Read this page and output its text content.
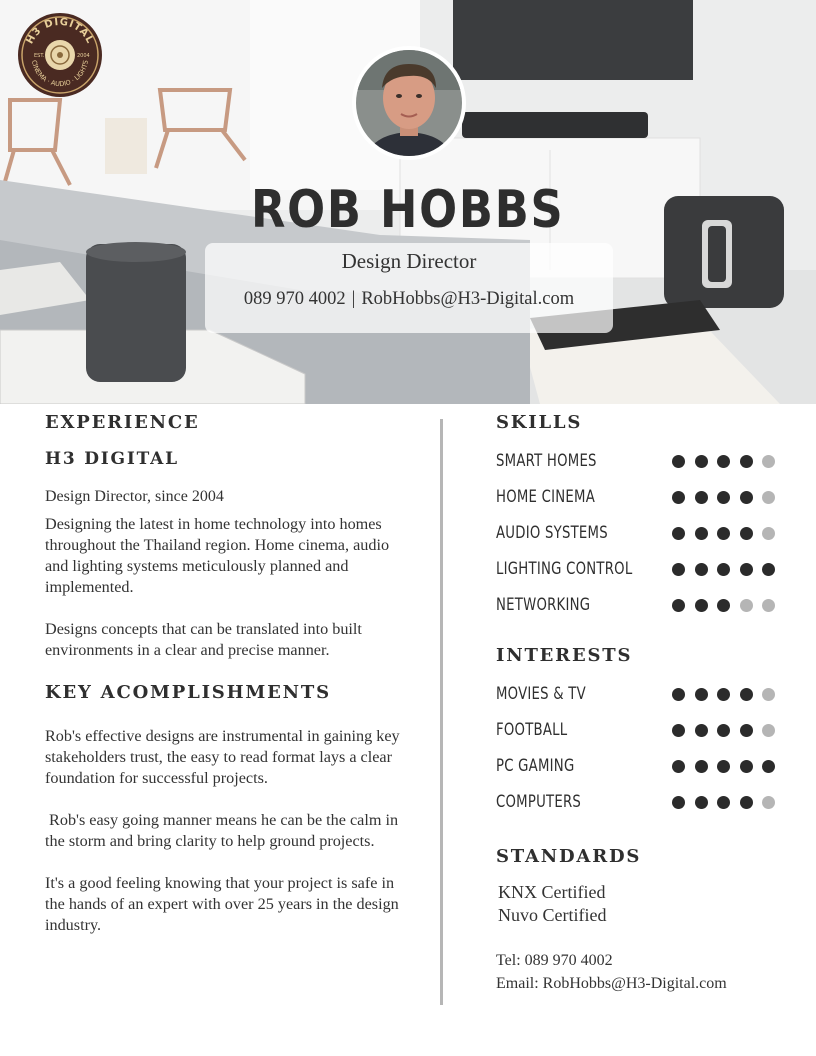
H3 DIGITAL
CINEMA · AUDIO · LIGHTS
EST.	2004
ROB HOBBS
Design Director
089 970 4002 | RobHobbs@H3-Digital.com
EXPERIENCE
H3 DIGITAL
Design Director, since 2004

Designing the latest in home technology into homes throughout the Thailand region. Home cinema, audio and lighting systems meticulously planned and implemented.

Designs concepts that can be translated into built environments in a clear and precise manner.

KEY ACOMPLISHMENTS

Rob's effective designs are instrumental in gaining key stakeholders trust, the easy to read format lays a clear foundation for successful projects.

Rob's easy going manner means he can be the calm in the storm and bring clarity to help ground projects.

It's a good feeling knowing that your project is safe in the hands of an expert with over 25 years in the design industry.

SKILLS
SMART HOMES
HOME CINEMA
AUDIO SYSTEMS
LIGHTING CONTROL
NETWORKING
INTERESTS
MOVIES & TV
FOOTBALL
PC GAMING
COMPUTERS
STANDARDS
KNX Certified
Nuvo Certified
Tel: 089 970 4002
Email: RobHobbs@H3-Digital.com
